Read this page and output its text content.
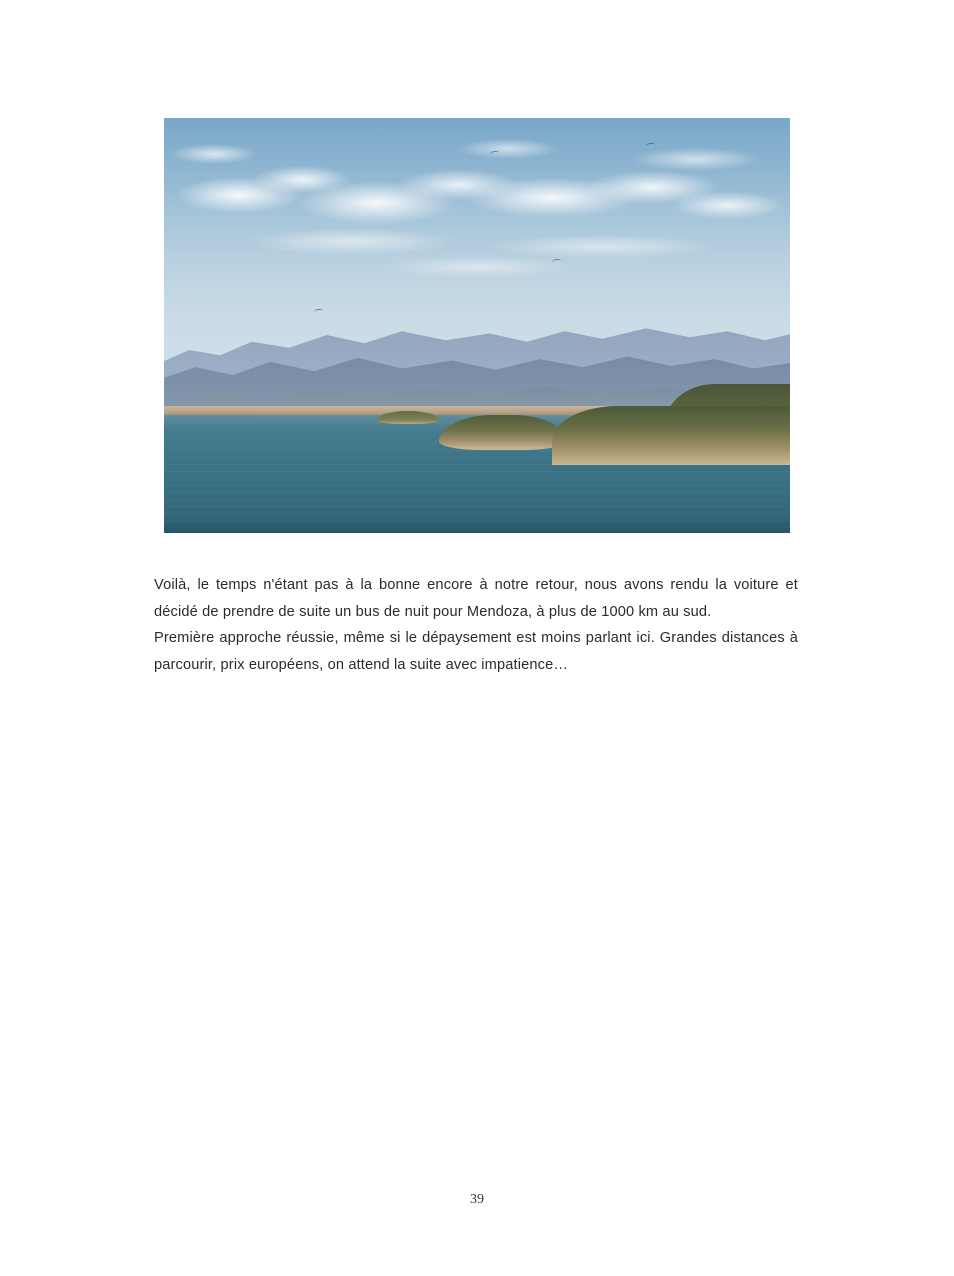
Voilà, le temps n'étant pas à la bonne encore à notre retour, nous avons rendu la voiture et décidé de prendre de suite un bus de nuit pour Mendoza, à plus de 1000 km au sud.

Première approche réussie, même si le dépaysement est moins parlant ici. Grandes distances à parcourir, prix européens, on attend la suite avec impatience…

39
